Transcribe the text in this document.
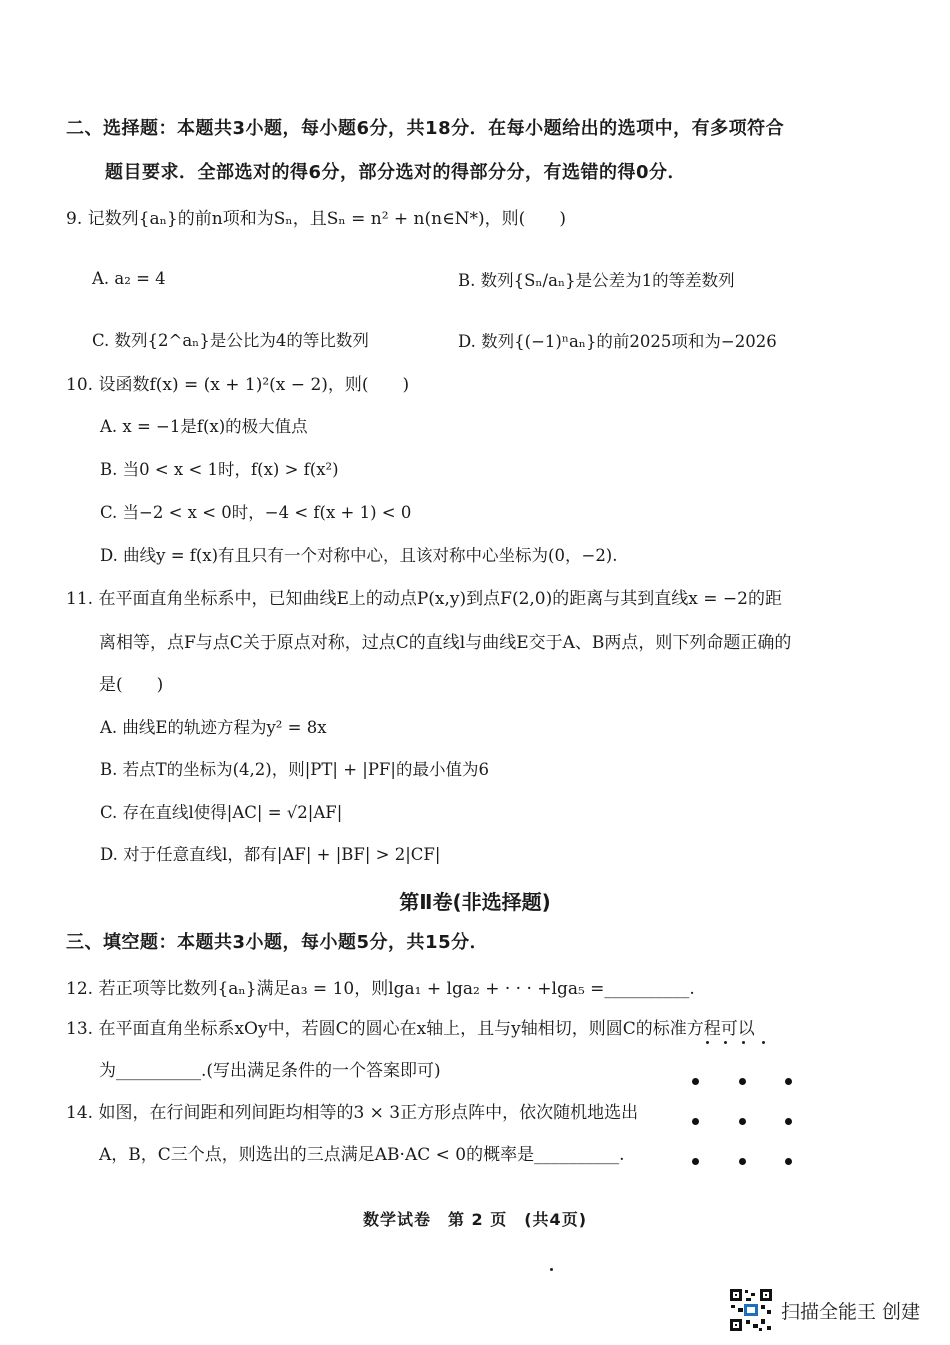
二、选择题：本题共3小题，每小题6分，共18分．在每小题给出的选项中，有多项符合
题目要求．全部选对的得6分，部分选对的得部分分，有选错的得0分．
9. 记数列{aₙ}的前n项和为Sₙ，且Sₙ = n² + n(n∈N*)，则(　　)
A. a₂ = 4	B. 数列{Sₙ/aₙ}是公差为1的等差数列
C. 数列{2^aₙ}是公比为4的等比数列	D. 数列{(−1)ⁿaₙ}的前2025项和为−2026
10. 设函数f(x) = (x + 1)²(x − 2)，则(　　)
A. x = −1是f(x)的极大值点
B. 当0 < x < 1时，f(x) > f(x²)
C. 当−2 < x < 0时，−4 < f(x + 1) < 0
D. 曲线y = f(x)有且只有一个对称中心，且该对称中心坐标为(0，−2).
11. 在平面直角坐标系中，已知曲线E上的动点P(x,y)到点F(2,0)的距离与其到直线x = −2的距
离相等，点F与点C关于原点对称，过点C的直线l与曲线E交于A、B两点，则下列命题正确的
是(　　)
A. 曲线E的轨迹方程为y² = 8x
B. 若点T的坐标为(4,2)，则|PT| + |PF|的最小值为6
C. 存在直线l使得|AC| = √2|AF|
D. 对于任意直线l，都有|AF| + |BF| > 2|CF|
第Ⅱ卷(非选择题)
三、填空题：本题共3小题，每小题5分，共15分．
12. 若正项等比数列{aₙ}满足a₃ = 10，则lga₁ + lga₂ + · · · +lga₅ =__________.
13. 在平面直角坐标系xOy中，若圆C的圆心在x轴上，且与y轴相切，则圆C的标准方程可以
为__________.(写出满足条件的一个答案即可)
14. 如图，在行间距和列间距均相等的3 × 3正方形点阵中，依次随机地选出
A，B，C三个点，则选出的三点满足AB·AC < 0的概率是__________.
数学试卷　第 2 页　(共4页)
扫描全能王 创建
